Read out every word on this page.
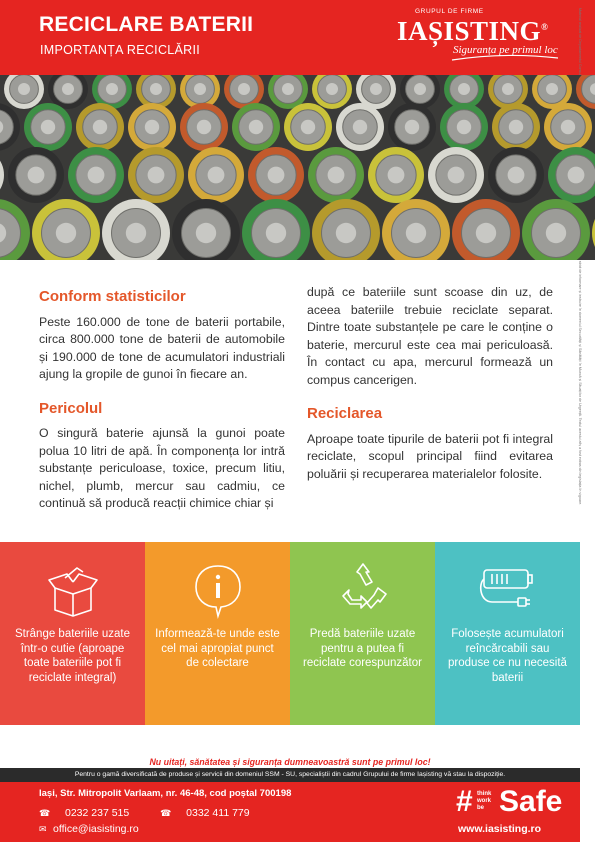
RECICLARE BATERII
IMPORTANȚA RECICLĂRII
GRUPUL DE FIRME
IAȘISTING®
Siguranța pe primul loc
Conform statisticilor

Peste 160.000 de tone de baterii portabile, circa 800.000 tone de baterii de automobile și 190.000 de tone de acumulatori industriali ajung la gropile de gunoi în fiecare an.

Pericolul

O singură baterie ajunsă la gunoi poate polua 10 litri de apă. În componența lor intră substanțe periculoase, toxice, precum litiu, nichel, plumb, mercur sau cadmiu, ce continuă să producă reacții chimice chiar și

după ce bateriile sunt scoase din uz, de aceea bateriile trebuie reciclate separat. Dintre toate substanțele pe care le conține o baterie, mercurul este cea mai periculoasă. În contact cu apa, mercurul formează un compus cancerigen.

Reciclarea

Aproape toate tipurile de baterii pot fi integral reciclate, scopul principal fiind evitarea poluării și recuperarea materialelor folosite.

Strânge bateriile uzate într-o cutie (aproape toate bateriile pot fi reciclate integral)
Informează-te unde este cel mai apropiat punct de colectare
Predă bateriile uzate pentru a putea fi reciclate corespunzător
Folosește acumulatori reîncărcabili sau produse ce nu necesită baterii
Nu uitați, sănătatea și siguranța dumneavoastră sunt pe primul loc!
Pentru o gamă diversificată de produse și servicii din domeniul SSM - SU, specialiștii din cadrul Grupului de firme Iașisting vă stau la dispoziție.
Iași, Str. Mitropolit Varlaam, nr. 46-48, cod poștal 700198
☎ 0232 237 515	☎ 0332 411 779
✉ office@iasisting.ro
# think
work
be Safe
www.iasisting.ro
